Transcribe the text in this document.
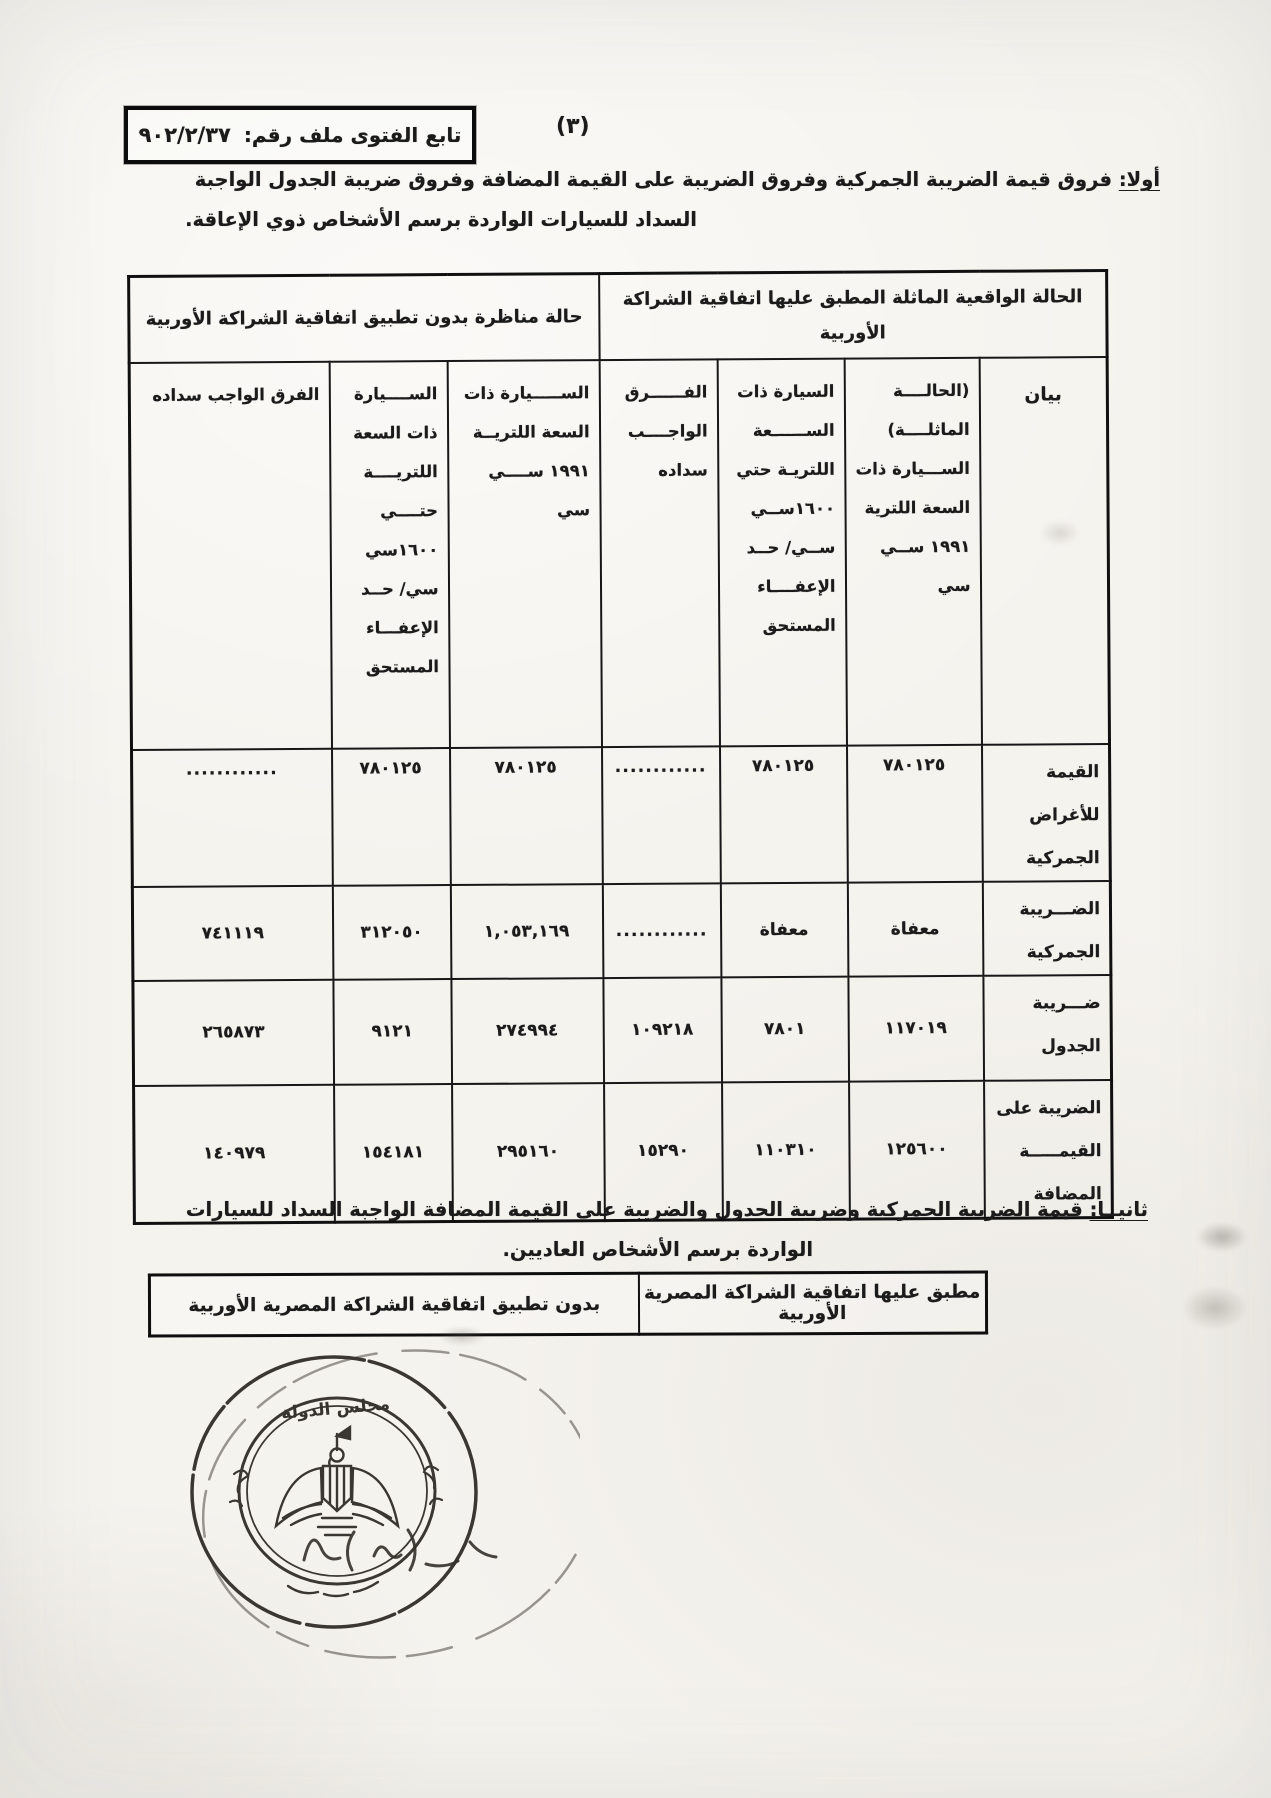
تابع الفتوى ملف رقم:
٩٠٢/٢/٣٧	(٣)
أولا: فروق قيمة الضريبة الجمركية وفروق الضريبة على القيمة المضافة وفروق ضريبة الجدول الواجبة
السداد للسيارات الواردة برسم الأشخاص ذوي الإعاقة.
الحالة الواقعية الماثلة المطبق عليها اتفاقية الشراكة الأوربية				حالة مناظرة بدون تطبيق اتفاقية الشراكة الأوربية		
بيان	(الحالــــة الماثلــــة) الســـيارة ذات السعة اللترية ١٩٩١ ســي سي	السيارة ذات الســــــعة اللتريـة حتي ١٦٠٠ســي ســي/ حــد الإعفــــاء المستحق	الفــــــرق الواجــــب سداده	الســـــيارة ذات السعة اللتريــة ١٩٩١ ســــي سي	الســــيارة ذات السعة اللتريــــة حتــــي ١٦٠٠سي سي/ حــد الإعفـــاء المستحق	الفرق الواجب سداده
القيمة للأغراض الجمركية	٧٨٠١٢٥	٧٨٠١٢٥	............	٧٨٠١٢٥	٧٨٠١٢٥	............
الضـــريبة الجمركية	معفاة	معفاة	............	١,٠٥٣,١٦٩	٣١٢٠٥٠	٧٤١١١٩
ضـــريبة الجدول	١١٧٠١٩	٧٨٠١	١٠٩٢١٨	٢٧٤٩٩٤	٩١٢١	٢٦٥٨٧٣
الضريبة على القيمـــــة المضافة	١٢٥٦٠٠	١١٠٣١٠	١٥٢٩٠	٢٩٥١٦٠	١٥٤١٨١	١٤٠٩٧٩
ثانيــا: قيمة الضريبة الجمركية وضريبة الجدول والضريبة على القيمة المضافة الواجبة السداد للسيارات
الواردة برسم الأشخاص العاديين.
مطبق عليها اتفاقية الشراكة المصرية الأوربية	بدون تطبيق اتفاقية الشراكة المصرية الأوربية
مجلس الدولة
